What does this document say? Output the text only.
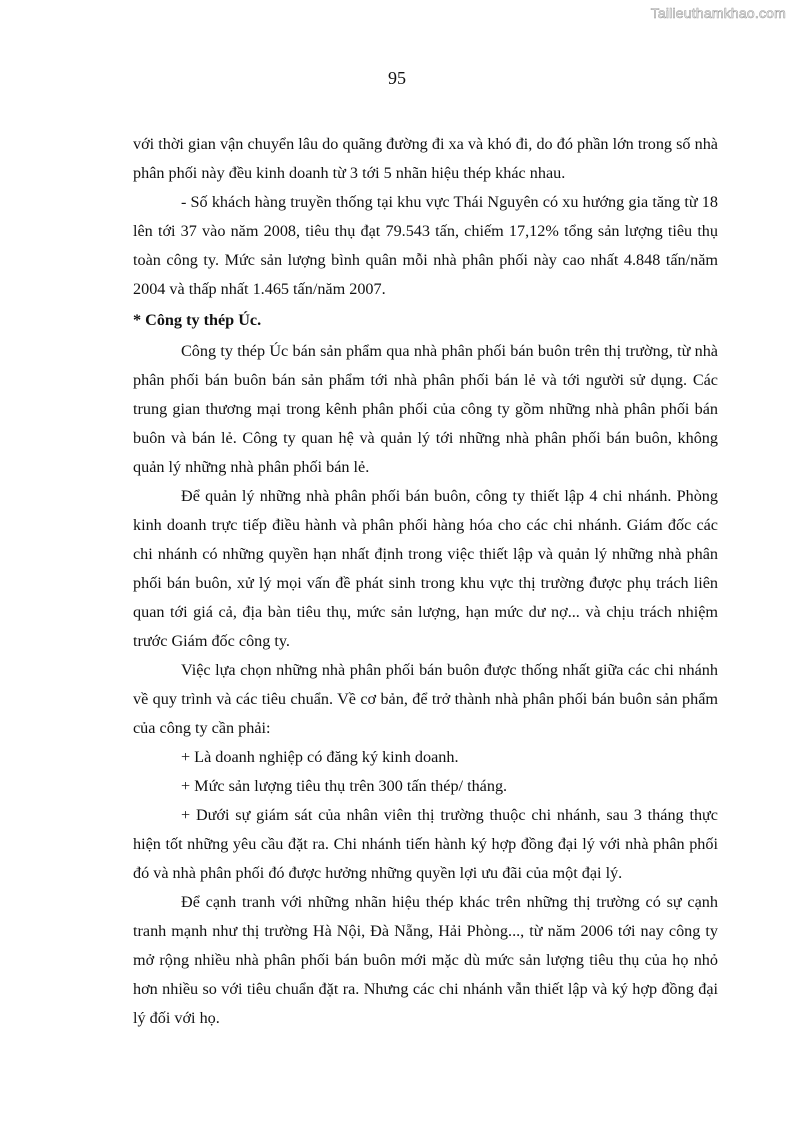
Tailieuthamkhao.com
95

với thời gian vận chuyển lâu do quãng đường đi xa và khó đi, do đó phần lớn trong số nhà phân phối này đều kinh doanh từ 3 tới 5 nhãn hiệu thép khác nhau.

- Số khách hàng truyền thống tại khu vực Thái Nguyên có xu hướng gia tăng từ 18 lên tới 37 vào năm 2008, tiêu thụ đạt 79.543 tấn, chiếm 17,12% tổng sản lượng tiêu thụ toàn công ty. Mức sản lượng bình quân mỗi nhà phân phối này cao nhất 4.848 tấn/năm 2004 và thấp nhất 1.465 tấn/năm 2007.

* Công ty thép Úc.

Công ty thép Úc bán sản phẩm qua nhà phân phối bán buôn trên thị trường, từ nhà phân phối bán buôn bán sản phẩm tới nhà phân phối bán lẻ và tới người sử dụng. Các trung gian thương mại trong kênh phân phối của công ty gồm những nhà phân phối bán buôn và bán lẻ. Công ty quan hệ và quản lý tới những nhà phân phối bán buôn, không quản lý những nhà phân phối bán lẻ.

Để quản lý những nhà phân phối bán buôn, công ty thiết lập 4 chi nhánh. Phòng kinh doanh trực tiếp điều hành và phân phối hàng hóa cho các chi nhánh. Giám đốc các chi nhánh có những quyền hạn nhất định trong việc thiết lập và quản lý những nhà phân phối bán buôn, xử lý mọi vấn đề phát sinh trong khu vực thị trường được phụ trách liên quan tới giá cả, địa bàn tiêu thụ, mức sản lượng, hạn mức dư nợ... và chịu trách nhiệm trước Giám đốc công ty.

Việc lựa chọn những nhà phân phối bán buôn được thống nhất giữa các chi nhánh về quy trình và các tiêu chuẩn. Về cơ bản, để trở thành nhà phân phối bán buôn sản phẩm của công ty cần phải:

+ Là doanh nghiệp có đăng ký kinh doanh.

+ Mức sản lượng tiêu thụ trên 300 tấn thép/ tháng.

+ Dưới sự giám sát của nhân viên thị trường thuộc chi nhánh, sau 3 tháng thực hiện tốt những yêu cầu đặt ra. Chi nhánh tiến hành ký hợp đồng đại lý với nhà phân phối đó và nhà phân phối đó được hưởng những quyền lợi ưu đãi của một đại lý.

Để cạnh tranh với những nhãn hiệu thép khác trên những thị trường có sự cạnh tranh mạnh như thị trường Hà Nội, Đà Nẵng, Hải Phòng..., từ năm 2006 tới nay công ty mở rộng nhiều nhà phân phối bán buôn mới mặc dù mức sản lượng tiêu thụ của họ nhỏ hơn nhiều so với tiêu chuẩn đặt ra. Nhưng các chi nhánh vẫn thiết lập và ký hợp đồng đại lý đối với họ.
